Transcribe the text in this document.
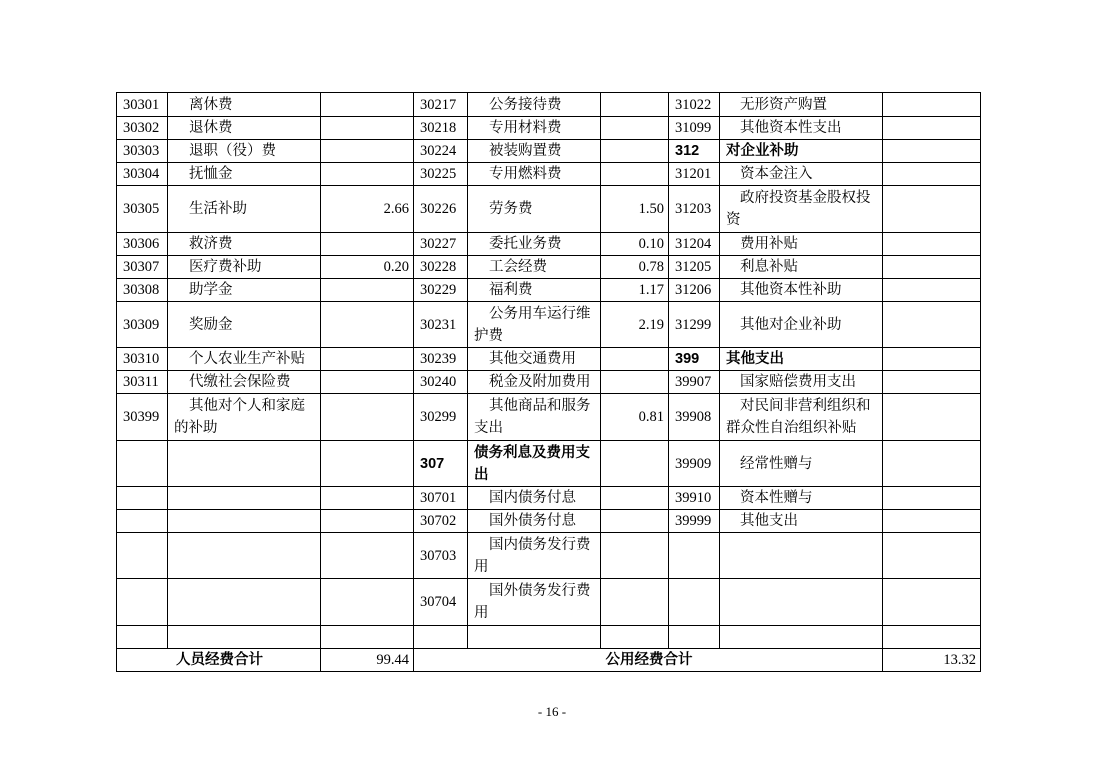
30301	离休费		30217	公务接待费		31022	无形资产购置	
30302	退休费		30218	专用材料费		31099	其他资本性支出	
30303	退职（役）费		30224	被装购置费		312	对企业补助	
30304	抚恤金		30225	专用燃料费		31201	资本金注入	
30305	生活补助	2.66	30226	劳务费	1.50	31203	政府投资基金股权投资	
30306	救济费		30227	委托业务费	0.10	31204	费用补贴	
30307	医疗费补助	0.20	30228	工会经费	0.78	31205	利息补贴	
30308	助学金		30229	福利费	1.17	31206	其他资本性补助	
30309	奖励金		30231	公务用车运行维护费	2.19	31299	其他对企业补助	
30310	个人农业生产补贴		30239	其他交通费用		399	其他支出	
30311	代缴社会保险费		30240	税金及附加费用		39907	国家赔偿费用支出	
30399	其他对个人和家庭的补助		30299	其他商品和服务支出	0.81	39908	对民间非营利组织和群众性自治组织补贴	
			307	债务利息及费用支出		39909	经常性赠与	
			30701	国内债务付息		39910	资本性赠与	
			30702	国外债务付息		39999	其他支出	
			30703	国内债务发行费用				
			30704	国外债务发行费用				

人员经费合计		99.44	公用经费合计					13.32
- 16 -
